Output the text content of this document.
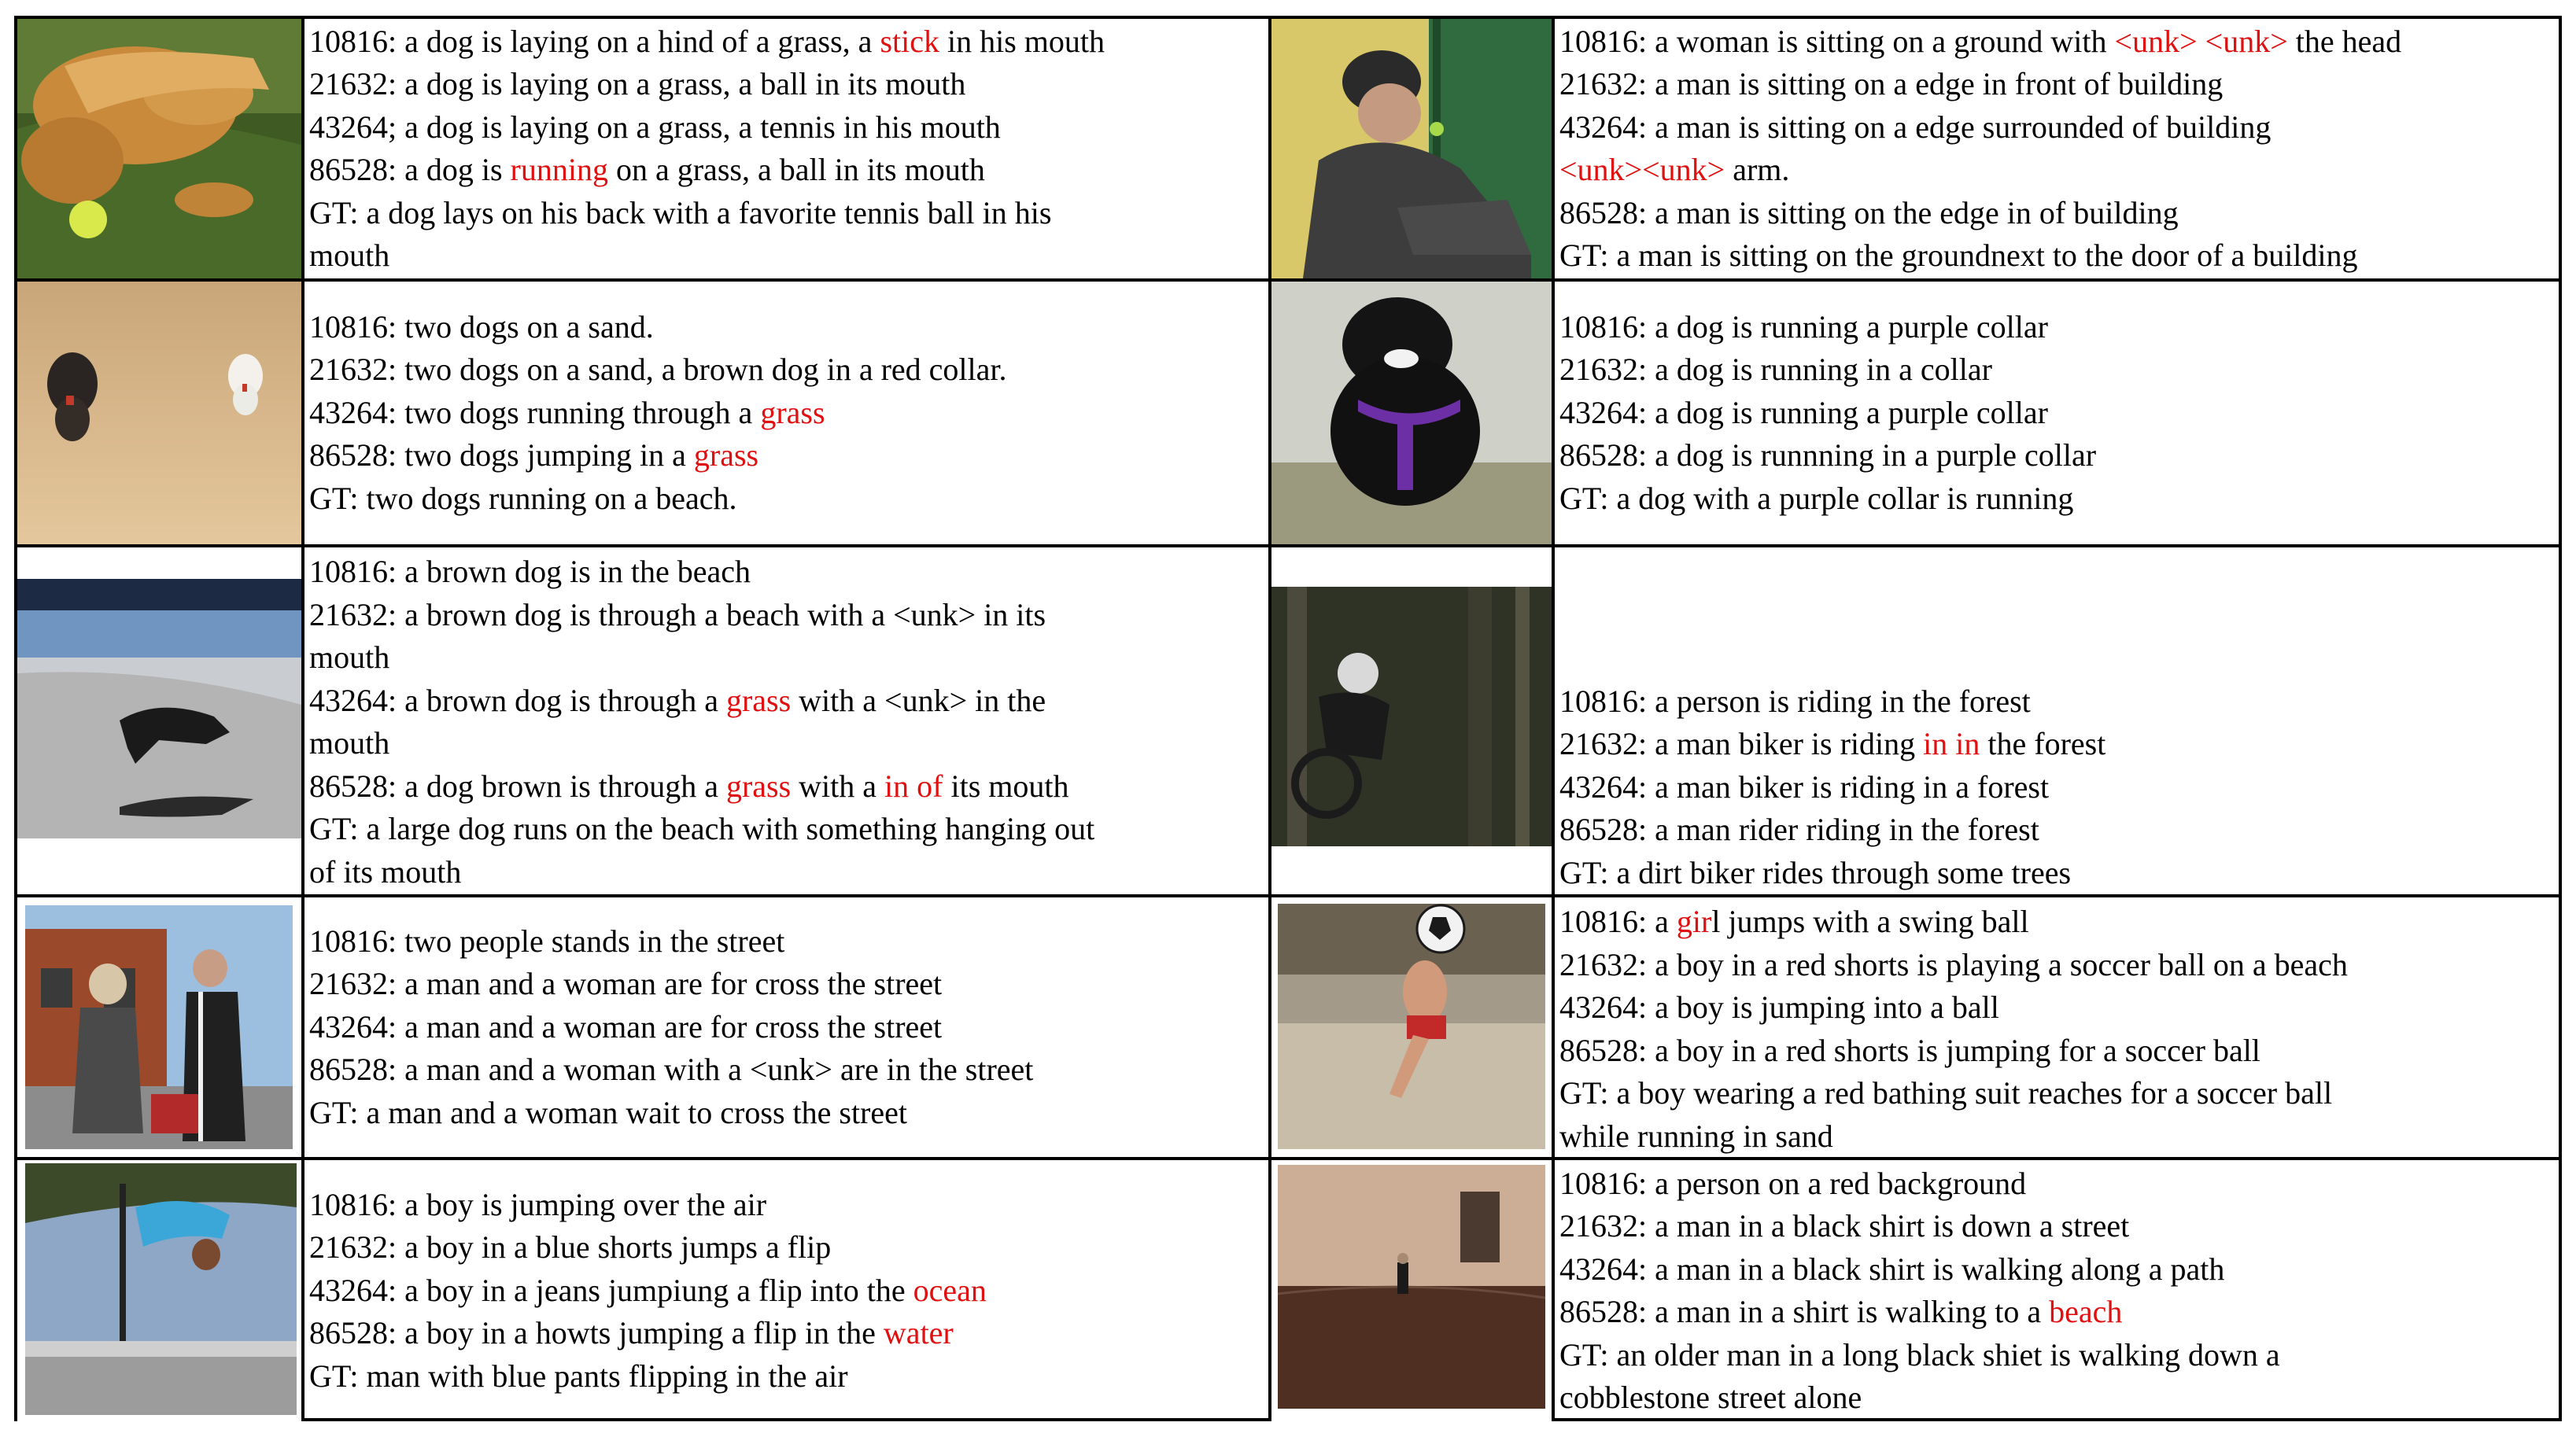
10816: a dog is laying on a hind of a grass, a stick in his mouth
21632: a dog is laying on a grass, a ball in its mouth
43264; a dog is laying on a grass, a tennis in his mouth
86528: a dog is running on a grass, a ball in its mouth
GT: a dog lays on his back with a favorite tennis ball in his
mouth
10816: a woman is sitting on a ground with <unk> <unk> the head
21632: a man is sitting on a edge in front of building
43264: a man is sitting on a edge surrounded of building
<unk><unk> arm.
86528: a man is sitting on the edge in of building
GT: a man is sitting on the groundnext to the door of a building
10816: two dogs on a sand.
21632: two dogs on a sand, a brown dog in a red collar.
43264: two dogs running through a grass
86528: two dogs jumping in a grass
GT: two dogs running on a beach.
10816: a dog is running a purple collar
21632: a dog is running in a collar
43264: a dog is running a purple collar
86528: a dog is runnning in a purple collar
GT: a dog with a purple collar is running
10816: a brown dog is in the beach
21632: a brown dog is through a beach with a <unk> in its
mouth
43264: a brown dog is through a grass with a <unk> in the
mouth
86528: a dog brown is through a grass with a in of its mouth
GT: a large dog runs on the beach with something hanging out
of its mouth
10816: a person is riding in the forest
21632: a man biker is riding in in the forest
43264: a man biker is riding in a forest
86528: a man rider riding in the forest
GT: a dirt biker rides through some trees
10816: two people stands in the street
21632: a man and a woman are for cross the street
43264: a man and a woman are for cross the street
86528: a man and a woman with a <unk> are in the street
GT: a man and a woman wait to cross the street
10816: a girl jumps with a swing ball
21632: a boy in a red shorts is playing a soccer ball on a beach
43264: a boy is jumping into a ball
86528: a boy in a red shorts is jumping for a soccer ball
GT: a boy wearing a red bathing suit reaches for a soccer ball
while running in sand
10816: a boy is jumping over the air
21632: a boy in a blue shorts jumps a flip
43264: a boy in a jeans jumpiung a flip into the ocean
86528: a boy in a howts jumping a flip in the water
GT: man with blue pants flipping in the air
10816: a person on a red background
21632: a man in a black shirt is down a street
43264: a man in a black shirt is walking along a path
86528: a man in a shirt is walking to a beach
GT: an older man in a long black shiet is walking down a
cobblestone street alone
